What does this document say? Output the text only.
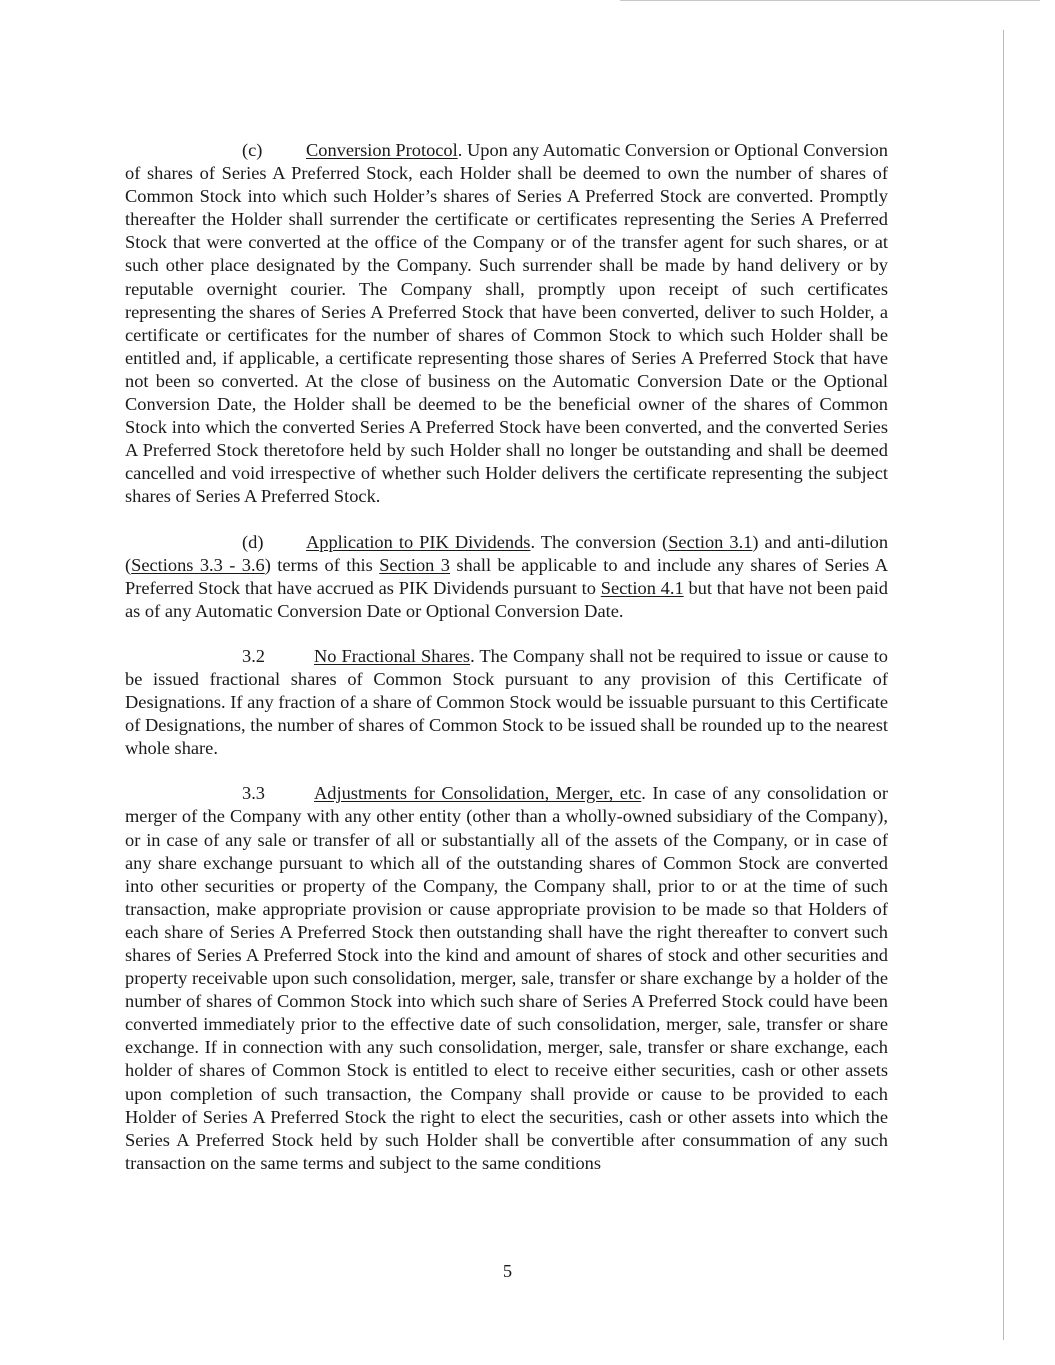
(c) Conversion Protocol. Upon any Automatic Conversion or Optional Conversion of shares of Series A Preferred Stock, each Holder shall be deemed to own the number of shares of Common Stock into which such Holder’s shares of Series A Preferred Stock are converted. Promptly thereafter the Holder shall surrender the certificate or certificates representing the Series A Preferred Stock that were converted at the office of the Company or of the transfer agent for such shares, or at such other place designated by the Company. Such surrender shall be made by hand delivery or by reputable overnight courier. The Company shall, promptly upon receipt of such certificates representing the shares of Series A Preferred Stock that have been converted, deliver to such Holder, a certificate or certificates for the number of shares of Common Stock to which such Holder shall be entitled and, if applicable, a certificate representing those shares of Series A Preferred Stock that have not been so converted. At the close of business on the Automatic Conversion Date or the Optional Conversion Date, the Holder shall be deemed to be the beneficial owner of the shares of Common Stock into which the converted Series A Preferred Stock have been converted, and the converted Series A Preferred Stock theretofore held by such Holder shall no longer be outstanding and shall be deemed cancelled and void irrespective of whether such Holder delivers the certificate representing the subject shares of Series A Preferred Stock.

(d) Application to PIK Dividends. The conversion (Section 3.1) and anti-dilution (Sections 3.3 - 3.6) terms of this Section 3 shall be applicable to and include any shares of Series A Preferred Stock that have accrued as PIK Dividends pursuant to Section 4.1 but that have not been paid as of any Automatic Conversion Date or Optional Conversion Date.

3.2	No Fractional Shares. The Company shall not be required to issue or cause to be issued fractional shares of Common Stock pursuant to any provision of this Certificate of Designations. If any fraction of a share of Common Stock would be issuable pursuant to this Certificate of Designations, the number of shares of Common Stock to be issued shall be rounded up to the nearest whole share.

3.3	Adjustments for Consolidation, Merger, etc. In case of any consolidation or merger of the Company with any other entity (other than a wholly-owned subsidiary of the Company), or in case of any sale or transfer of all or substantially all of the assets of the Company, or in case of any share exchange pursuant to which all of the outstanding shares of Common Stock are converted into other securities or property of the Company, the Company shall, prior to or at the time of such transaction, make appropriate provision or cause appropriate provision to be made so that Holders of each share of Series A Preferred Stock then outstanding shall have the right thereafter to convert such shares of Series A Preferred Stock into the kind and amount of shares of stock and other securities and property receivable upon such consolidation, merger, sale, transfer or share exchange by a holder of the number of shares of Common Stock into which such share of Series A Preferred Stock could have been converted immediately prior to the effective date of such consolidation, merger, sale, transfer or share exchange. If in connection with any such consolidation, merger, sale, transfer or share exchange, each holder of shares of Common Stock is entitled to elect to receive either securities, cash or other assets upon completion of such transaction, the Company shall provide or cause to be provided to each Holder of Series A Preferred Stock the right to elect the securities, cash or other assets into which the Series A Preferred Stock held by such Holder shall be convertible after consummation of any such transaction on the same terms and subject to the same conditions

5
